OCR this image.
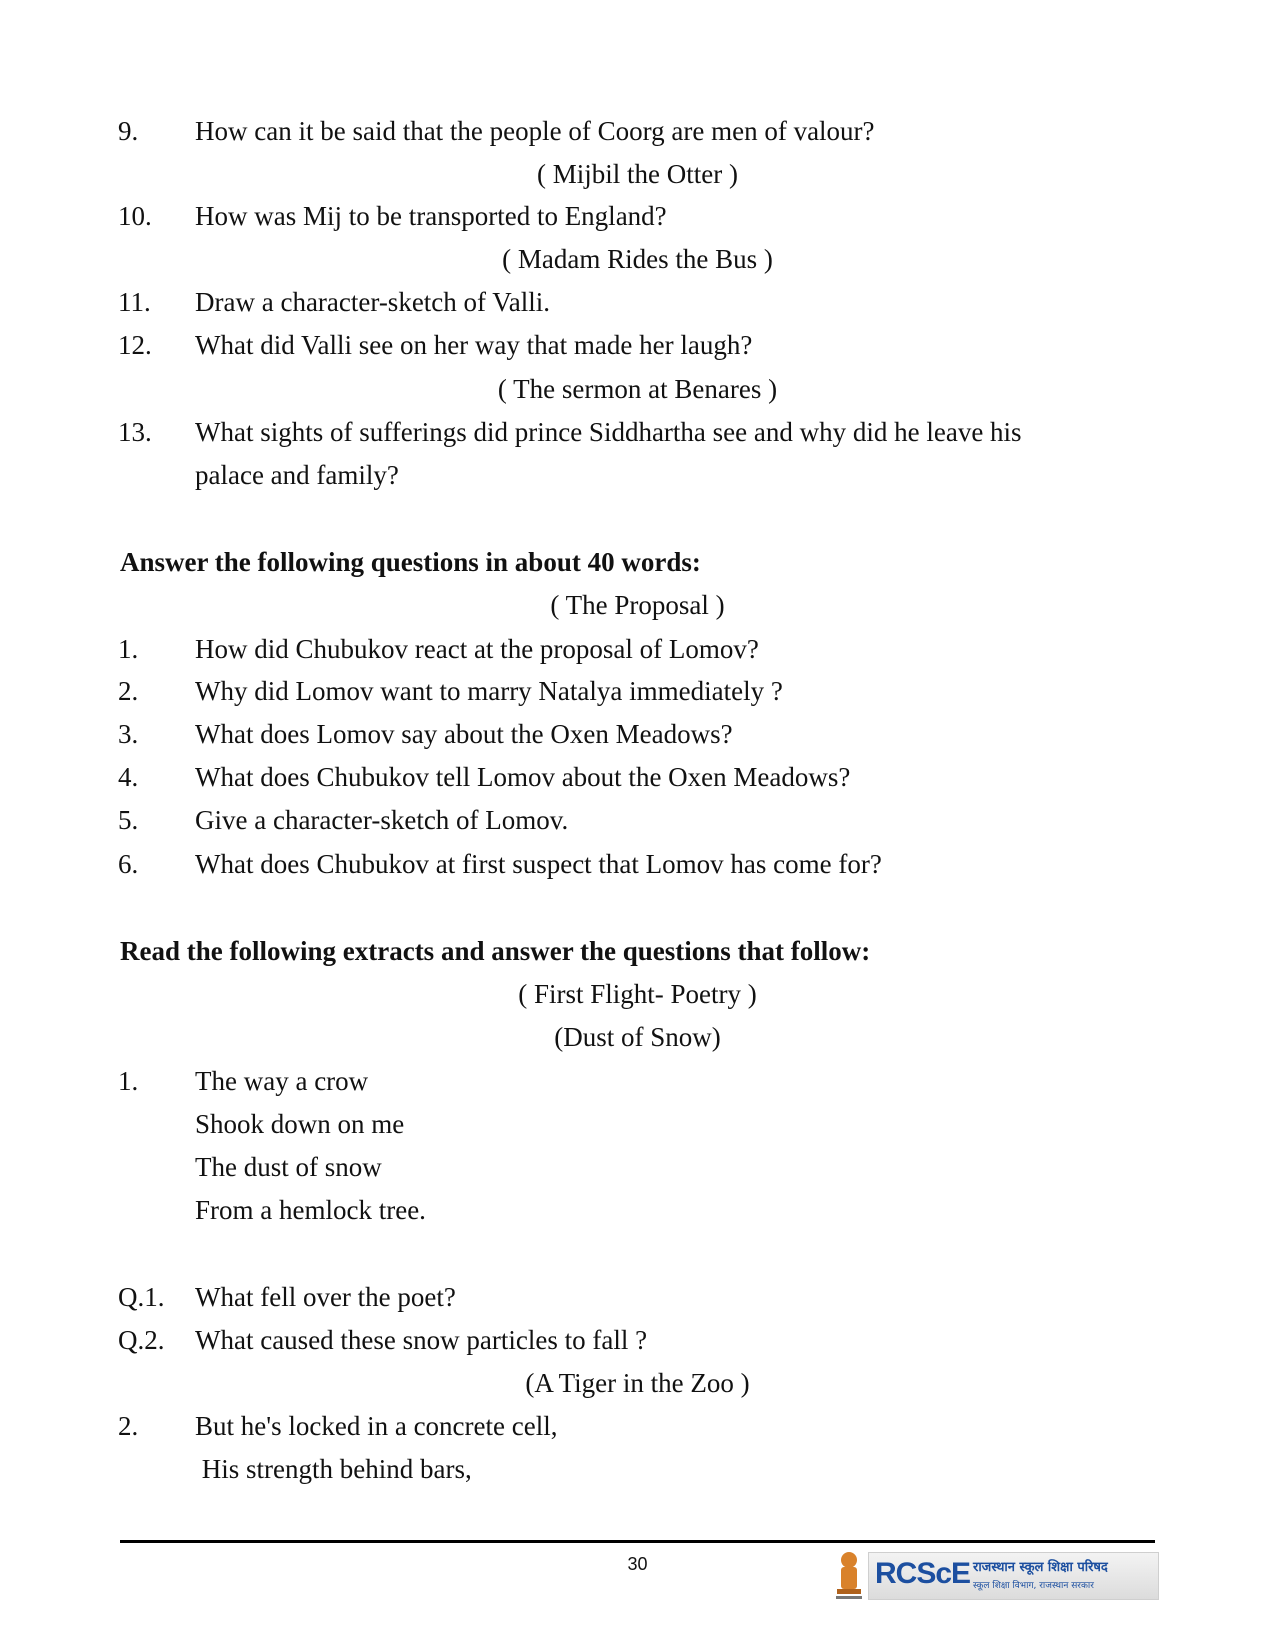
9. How can it be said that the people of Coorg are men of valour?
( Mijbil the Otter )
10. How was Mij to be transported to England?
( Madam Rides the Bus )
11. Draw a character-sketch of Valli.
12. What did Valli see on her way that made her laugh?
( The sermon at Benares )
13. What sights of sufferings did prince Siddhartha see and why did he leave his
palace and family?
Answer the following questions in about 40 words:
( The Proposal )
1. How did Chubukov react at the proposal of Lomov?
2. Why did Lomov want to marry Natalya immediately ?
3. What does Lomov say about the Oxen Meadows?
4. What does Chubukov tell Lomov about the Oxen Meadows?
5. Give a character-sketch of Lomov.
6. What does Chubukov at first suspect that Lomov has come for?
Read the following extracts and answer the questions that follow:
( First Flight- Poetry )
(Dust of Snow)
1. The way a crow
Shook down on me
The dust of snow
From a hemlock tree.
Q.1. What fell over the poet?
Q.2. What caused these snow particles to fall ?
(A Tiger in the Zoo )
2. But he's locked in a concrete cell,
His strength behind bars,
30	RCScE राजस्थान स्कूल शिक्षा परिषद
स्कूल शिक्षा विभाग, राजस्थान सरकार
